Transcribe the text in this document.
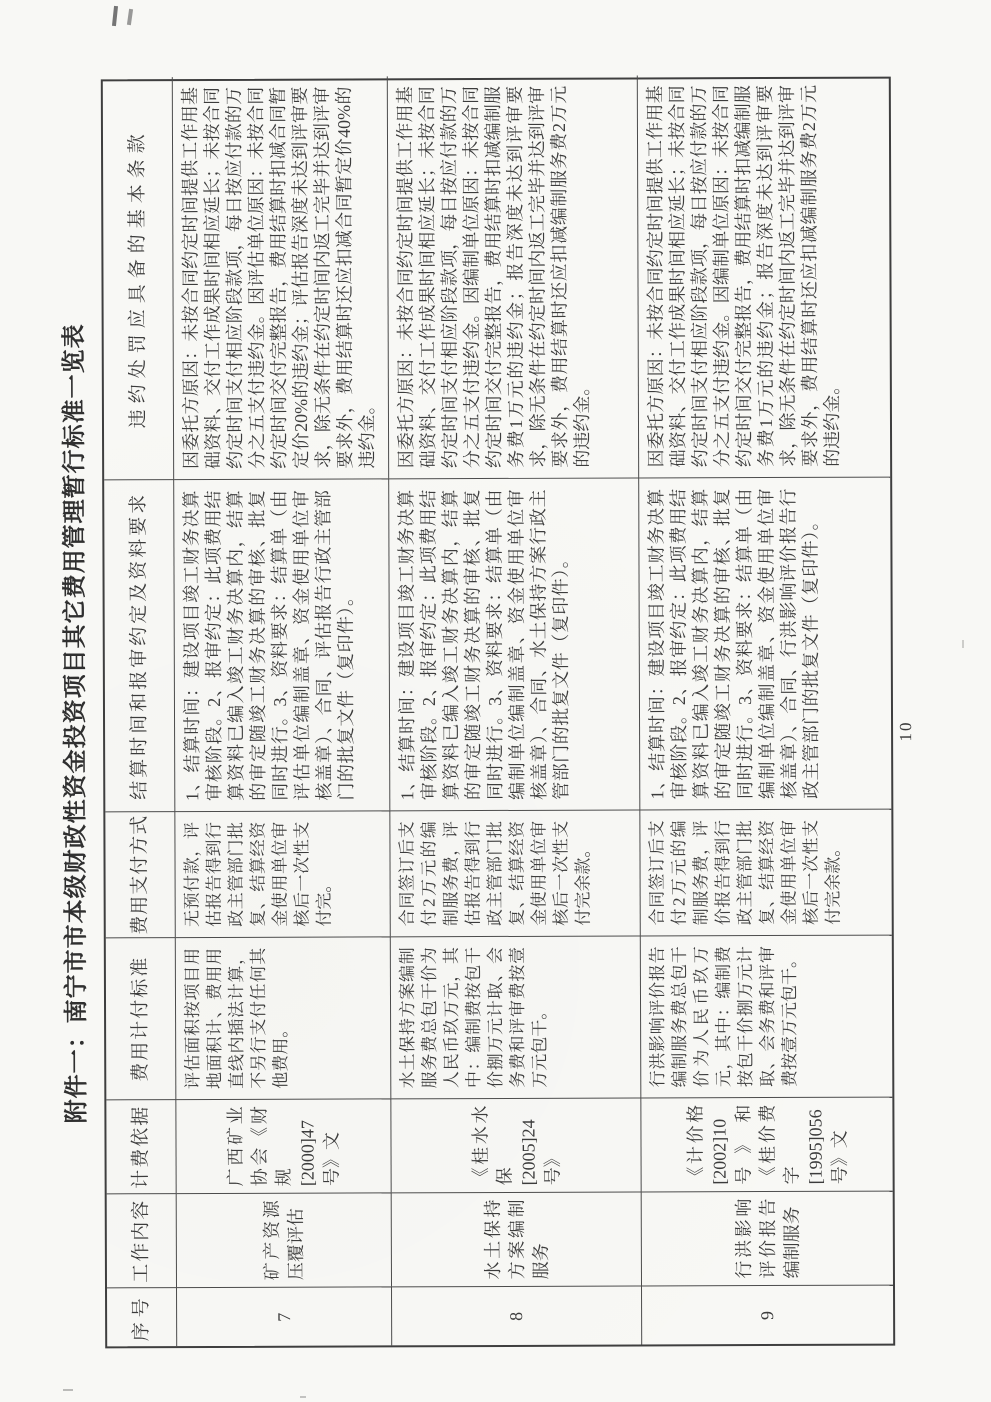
附件一：南宁市市本级财政性资金投资项目其它费用管理暂行标准一览表
序号
工作内容
计费依据
费用计付标准
费用支付方式
结算时间和报审约定及资料要求
违约处罚应具备的基本条款
7
矿产资源压覆评估
广西矿业协会《财规[2000]47号》文
评估面积按项目用地面积计、费用用直线内插法计算，不另行支付任何其他费用。
无预付款，评估报告得到行政主管部门批复、结算经资金使用单位审核后一次性支付完。
1、结算时间：建设项目竣工财务决算审核阶段。2、报审约定：此项费用结算资料已编入竣工财务决算内，结算的审定随竣工财务决算的审核、批复同时进行。3、资料要求：结算单（由评估单位编制盖章、资金使用单位审核盖章）、合同、评估报告行政主管部门的批复文件（复印件）。
因委托方原因：未按合同约定时间提供工作用基础资料、交付工作成果时间相应延长；未按合同约定时间支付相应阶段款项，每日按应付款的万分之五支付违约金。因评估单位原因：未按合同约定时间交付完整报告，费用结算时扣减合同暂定价20%的违约金；评估报告深度未达到评审要求，除无条件在约定时间内返工完毕并达到评审要求外，费用结算时还应扣减合同暂定价40%的违约金。
8
水土保持方案编制服务
《桂水水保[2005]24号》
水土保持方案编制服务费总包干价为人民币玖万元，其中：编制费按包干价捌万元计取、会务费和评审费按壹万元包干。
合同签订后支付2万元的编制服务费，评估报告得到行政主管部门批复、结算经资金使用单位审核后一次性支付完余款。
1、结算时间：建设项目竣工财务决算审核阶段。2、报审约定：此项费用结算资料已编入竣工财务决算内，结算的审定随竣工财务决算的审核、批复同时进行。3、资料要求：结算单（由编制单位编制盖章、资金使用单位审核盖章）、合同、水土保持方案行政主管部门的批复文件（复印件）。
因委托方原因：未按合同约定时间提供工作用基础资料、交付工作成果时间相应延长；未按合同约定时间支付相应阶段款项，每日按应付款的万分之五支付违约金。因编制单位原因：未按合同约定时间交付完整报告，费用结算时扣减编制服务费1万元的违约金；报告深度未达到评审要求，除无条件在约定时间内返工完毕并达到评审要求外，费用结算时还应扣减编制服务费2万元的违约金。
9
行洪影响评价报告编制服务
《计价格[2002]10号》和《桂价费字[1995]056号》文
行洪影响评价报告编制服务费总包干价为人民币玖万元，其中：编制费按包干价捌万元计取、会务费和评审费按壹万元包干。
合同签订后支付2万元的编制服务费，评价报告得到行政主管部门批复、结算经资金使用单位审核后一次性支付完余款。
1、结算时间：建设项目竣工财务决算审核阶段。2、报审约定：此项费用结算资料已编入竣工财务决算内，结算的审定随竣工财务决算的审核、批复同时进行。3、资料要求：结算单（由编制单位编制盖章、资金使用单位审核盖章）、合同、行洪影响评价报告行政主管部门的批复文件（复印件）。
因委托方原因：未按合同约定时间提供工作用基础资料、交付工作成果时间相应延长；未按合同约定时间支付相应阶段款项，每日按应付款的万分之五支付违约金。因编制单位原因：未按合同约定时间交付完整报告，费用结算时扣减编制服务费1万元的违约金；报告深度未达到评审要求，除无条件在约定时间内返工完毕并达到评审要求外，费用结算时还应扣减编制服务费2万元的违约金。
10
